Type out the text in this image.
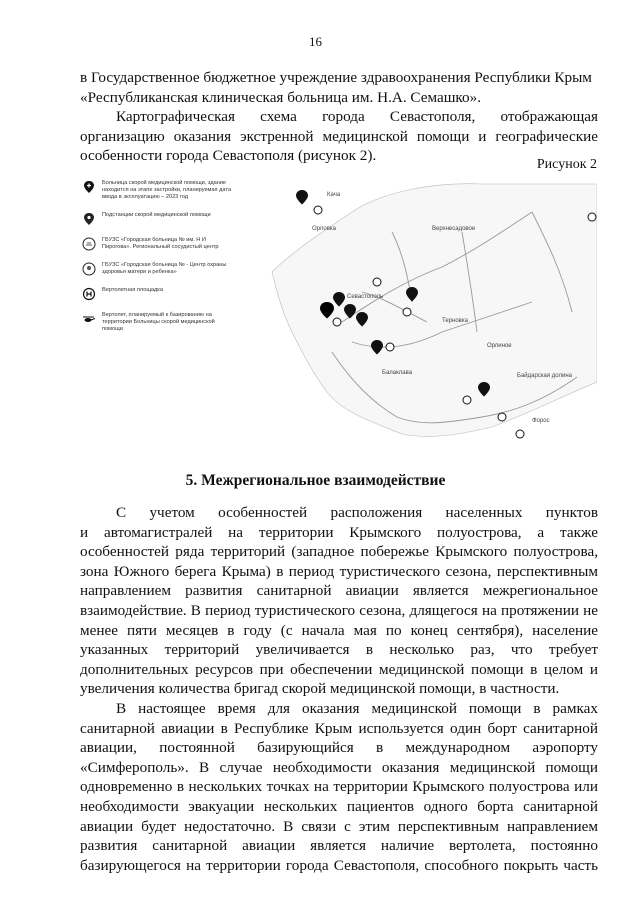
16

в Государственное бюджетное учреждение здравоохранения Республики Крым

«Республиканская клиническая больница им. Н.А. Семашко».

Картографическая схема города Севастополя, отображающая организацию оказания экстренной медицинской помощи и географические особенности города Севастополя (рисунок 2).

Рисунок 2
Больница скорой медицинской помощи, здание находится на этапе застройки, планируемая дата ввода в эксплуатацию – 2023 год
Подстанции скорой медицинской помощи
ГБУЗС «Городская больница № им. Н И Пирогова». Региональный сосудистый центр
ГБУЗС «Городская больница № - Центр охраны здоровья матери и ребенка»
Вертолетная площадка
Вертолет, планируемый к базированию на территории Больницы скорой медицинской помощи
Севастополь
Балаклава
Орловка
Кача
Верхнесадовое
Терновка
Орлиное
Байдарская долина
Форос
5. Межрегиональное взаимодействие

С учетом особенностей расположения населенных пунктов

и автомагистралей на территории Крымского полуострова, а также

особенностей ряда территорий (западное побережье Крымского полуострова,

зона Южного берега Крыма) в период туристического сезона, перспективным

направлением развития санитарной авиации является межрегиональное

взаимодействие. В период туристического сезона, длящегося на протяжении не

менее пяти месяцев в году (с начала мая по конец сентября), население

указанных территорий увеличивается в несколько раз, что требует

дополнительных ресурсов при обеспечении медицинской помощи в целом и

увеличения количества бригад скорой медицинской помощи, в частности.

В настоящее время для оказания медицинской помощи в рамках

санитарной авиации в Республике Крым используется один борт санитарной

авиации, постоянной базирующийся в международном аэропорту

«Симферополь». В случае необходимости оказания медицинской помощи

одновременно в нескольких точках на территории Крымского полуострова или

необходимости эвакуации нескольких пациентов одного борта санитарной

авиации будет недостаточно. В связи с этим перспективным направлением

развития санитарной авиации является наличие вертолета, постоянно

базирующегося на территории города Севастополя, способного покрыть часть
